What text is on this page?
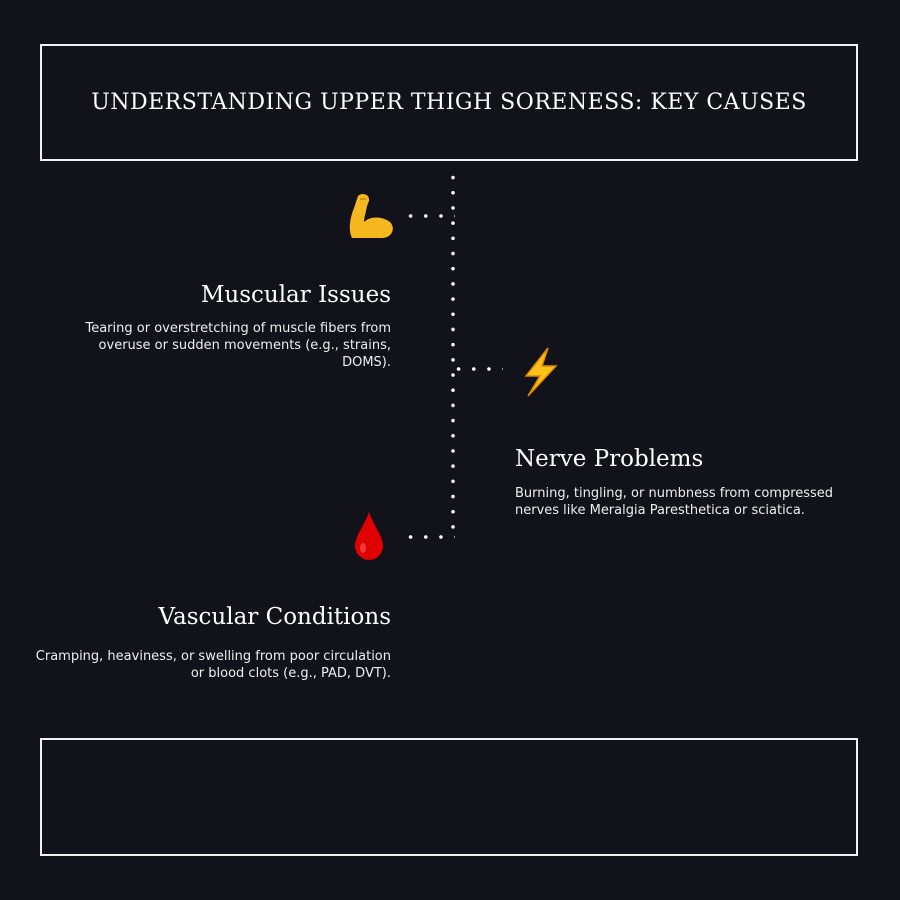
UNDERSTANDING UPPER THIGH SORENESS: KEY CAUSES
Muscular Issues

Tearing or overstretching of muscle fibers from overuse or sudden movements (e.g., strains, DOMS).

Nerve Problems

Burning, tingling, or numbness from compressed nerves like Meralgia Paresthetica or sciatica.

Vascular Conditions

Cramping, heaviness, or swelling from poor circulation or blood clots (e.g., PAD, DVT).
